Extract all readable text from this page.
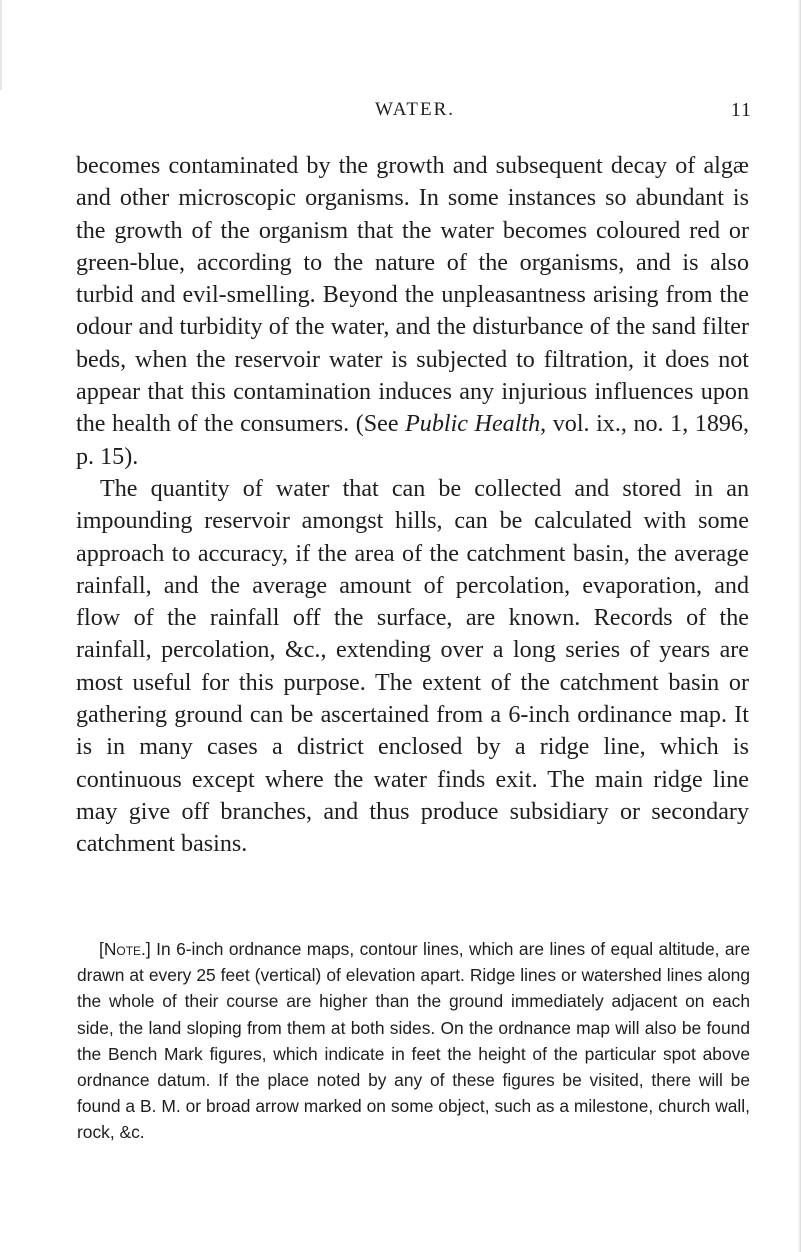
WATER.	11

becomes contaminated by the growth and subsequent decay of algæ and other microscopic organisms. In some instances so abundant is the growth of the organism that the water becomes coloured red or green-blue, according to the nature of the organisms, and is also turbid and evil-smelling. Beyond the unpleasantness arising from the odour and turbidity of the water, and the disturbance of the sand filter beds, when the reservoir water is subjected to filtration, it does not appear that this contamination induces any injurious influences upon the health of the consumers. (See Public Health, vol. ix., no. 1, 1896, p. 15).

The quantity of water that can be collected and stored in an impounding reservoir amongst hills, can be calculated with some approach to accuracy, if the area of the catchment basin, the average rainfall, and the average amount of percolation, evaporation, and flow of the rainfall off the surface, are known. Records of the rainfall, percolation, &c., extending over a long series of years are most useful for this purpose. The extent of the catchment basin or gathering ground can be ascertained from a 6-inch ordinance map. It is in many cases a district enclosed by a ridge line, which is continuous except where the water finds exit. The main ridge line may give off branches, and thus produce subsidiary or secondary catchment basins.

[Note.] In 6-inch ordnance maps, contour lines, which are lines of equal altitude, are drawn at every 25 feet (vertical) of elevation apart. Ridge lines or watershed lines along the whole of their course are higher than the ground immediately adjacent on each side, the land sloping from them at both sides. On the ordnance map will also be found the Bench Mark figures, which indicate in feet the height of the particular spot above ordnance datum. If the place noted by any of these figures be visited, there will be found a B. M. or broad arrow marked on some object, such as a milestone, church wall, rock, &c.
